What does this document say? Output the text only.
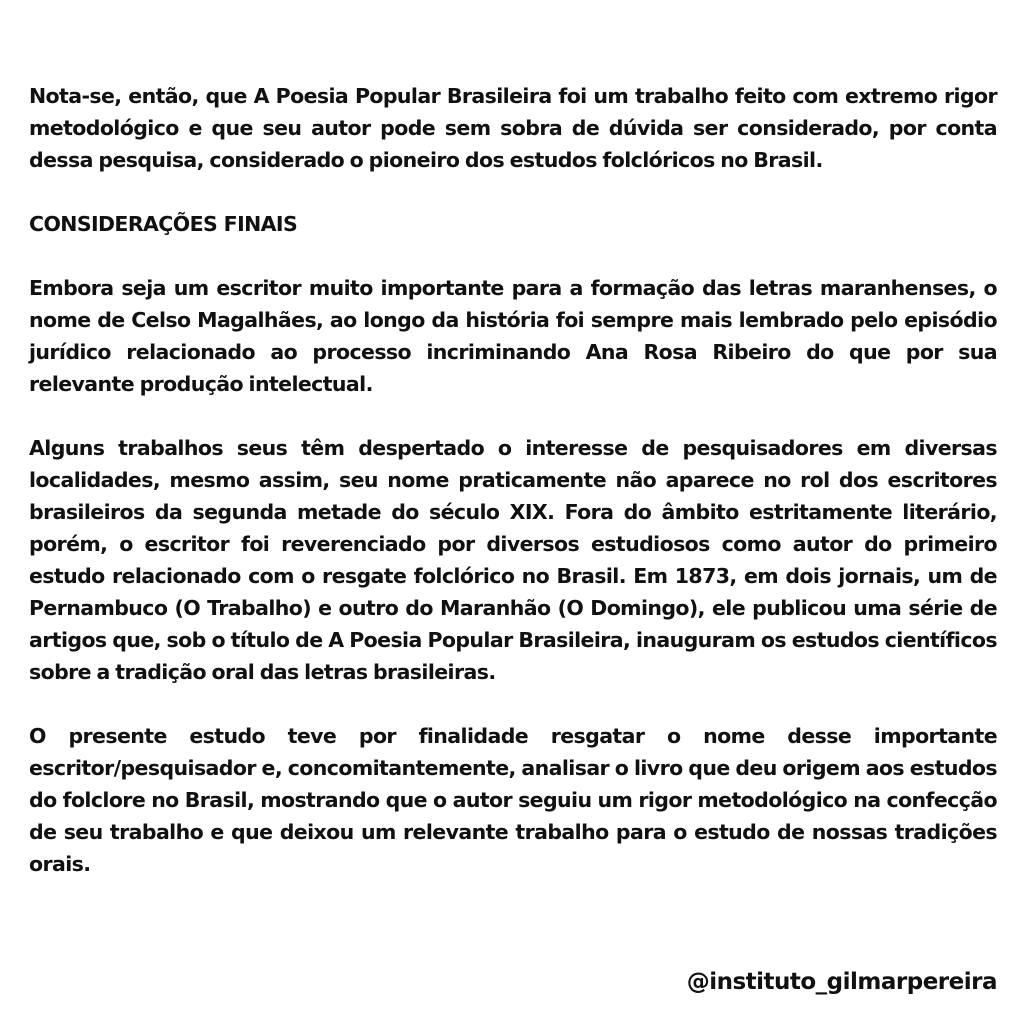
Nota-se, então, que A Poesia Popular Brasileira foi um trabalho feito com extremo rigor metodológico e que seu autor pode sem sobra de dúvida ser considerado, por conta dessa pesquisa, considerado o pioneiro dos estudos folclóricos no Brasil.

CONSIDERAÇÕES FINAIS

Embora seja um escritor muito importante para a formação das letras maranhenses, o nome de Celso Magalhães, ao longo da história foi sempre mais lembrado pelo episódio jurídico relacionado ao processo incriminando Ana Rosa Ribeiro do que por sua relevante produção intelectual.

Alguns trabalhos seus têm despertado o interesse de pesquisadores em diversas localidades, mesmo assim, seu nome praticamente não aparece no rol dos escritores brasileiros da segunda metade do século XIX. Fora do âmbito estritamente literário, porém, o escritor foi reverenciado por diversos estudiosos como autor do primeiro estudo relacionado com o resgate folclórico no Brasil. Em 1873, em dois jornais, um de Pernambuco (O Trabalho) e outro do Maranhão (O Domingo), ele publicou uma série de artigos que, sob o título de A Poesia Popular Brasileira, inauguram os estudos científicos sobre a tradição oral das letras brasileiras.

O presente estudo teve por finalidade resgatar o nome desse importante escritor/pesquisador e, concomitantemente, analisar o livro que deu origem aos estudos do folclore no Brasil, mostrando que o autor seguiu um rigor metodológico na confecção de seu trabalho e que deixou um relevante trabalho para o estudo de nossas tradições orais.

@instituto_gilmarpereira
